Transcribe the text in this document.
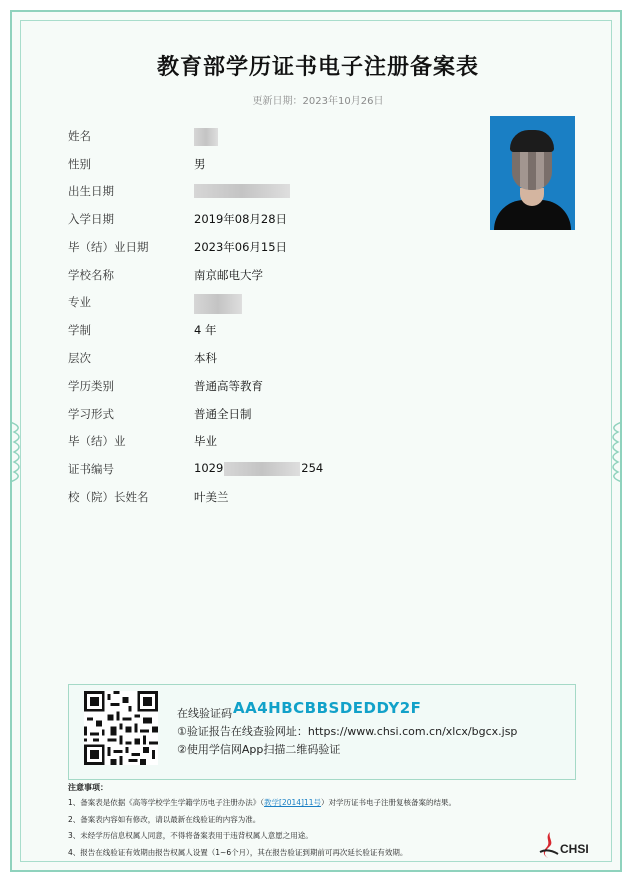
教育部学历证书电子注册备案表
更新日期：2023年10月26日
姓名
性别	男
出生日期
入学日期	2019年08月28日
毕（结）业日期	2023年06月15日
学校名称	南京邮电大学
专业
学制	4 年
层次	本科
学历类别	普通高等教育
学习形式	普通全日制
毕（结）业	毕业
证书编号	1029	254
校（院）长姓名	叶美兰
在线验证码 AA4HBCBBSDEDDY2F
①验证报告在线查验网址：https://www.chsi.com.cn/xlcx/bgcx.jsp
②使用学信网App扫描二维码验证
注意事项：
1、备案表是依据《高等学校学生学籍学历电子注册办法》（教学[2014]11号）对学历证书电子注册复核备案的结果。
2、备案表内容如有修改，请以最新在线验证的内容为准。
3、未经学历信息权属人同意，不得将备案表用于违背权属人意愿之用途。
4、报告在线验证有效期由报告权属人设置（1~6个月），其在报告验证到期前可再次延长验证有效期。	CHSI
